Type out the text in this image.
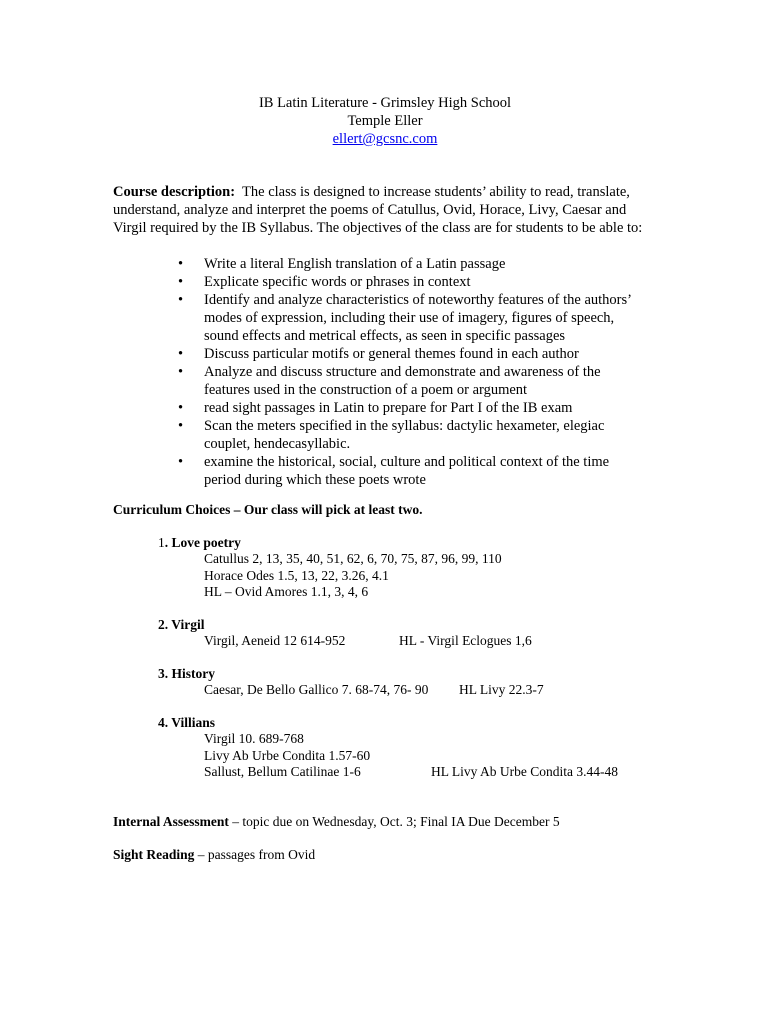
IB Latin Literature - Grimsley High School
Temple Eller
ellert@gcsnc.com
Course description: The class is designed to increase students’ ability to read, translate, understand, analyze and interpret the poems of Catullus, Ovid, Horace, Livy, Caesar and Virgil required by the IB Syllabus. The objectives of the class are for students to be able to:
• Write a literal English translation of a Latin passage
• Explicate specific words or phrases in context
• Identify and analyze characteristics of noteworthy features of the authors’ modes of expression, including their use of imagery, figures of speech, sound effects and metrical effects, as seen in specific passages
• Discuss particular motifs or general themes found in each author
• Analyze and discuss structure and demonstrate and awareness of the features used in the construction of a poem or argument
• read sight passages in Latin to prepare for Part I of the IB exam
• Scan the meters specified in the syllabus: dactylic hexameter, elegiac couplet, hendecasyllabic.
• examine the historical, social, culture and political context of the time period during which these poets wrote
Curriculum Choices – Our class will pick at least two.
1. Love poetry
Catullus 2, 13, 35, 40, 51, 62, 6, 70, 75, 87, 96, 99, 110
Horace Odes 1.5, 13, 22, 3.26, 4.1
HL – Ovid Amores 1.1, 3, 4, 6
2. Virgil
Virgil, Aeneid 12 614-952	HL - Virgil Eclogues 1,6
3. History
Caesar, De Bello Gallico 7. 68-74, 76- 90 HL Livy 22.3-7
4. Villians
Virgil 10. 689-768
Livy Ab Urbe Condita 1.57-60
Sallust, Bellum Catilinae 1-6	HL Livy Ab Urbe Condita 3.44-48
Internal Assessment – topic due on Wednesday, Oct. 3; Final IA Due December 5
Sight Reading – passages from Ovid
